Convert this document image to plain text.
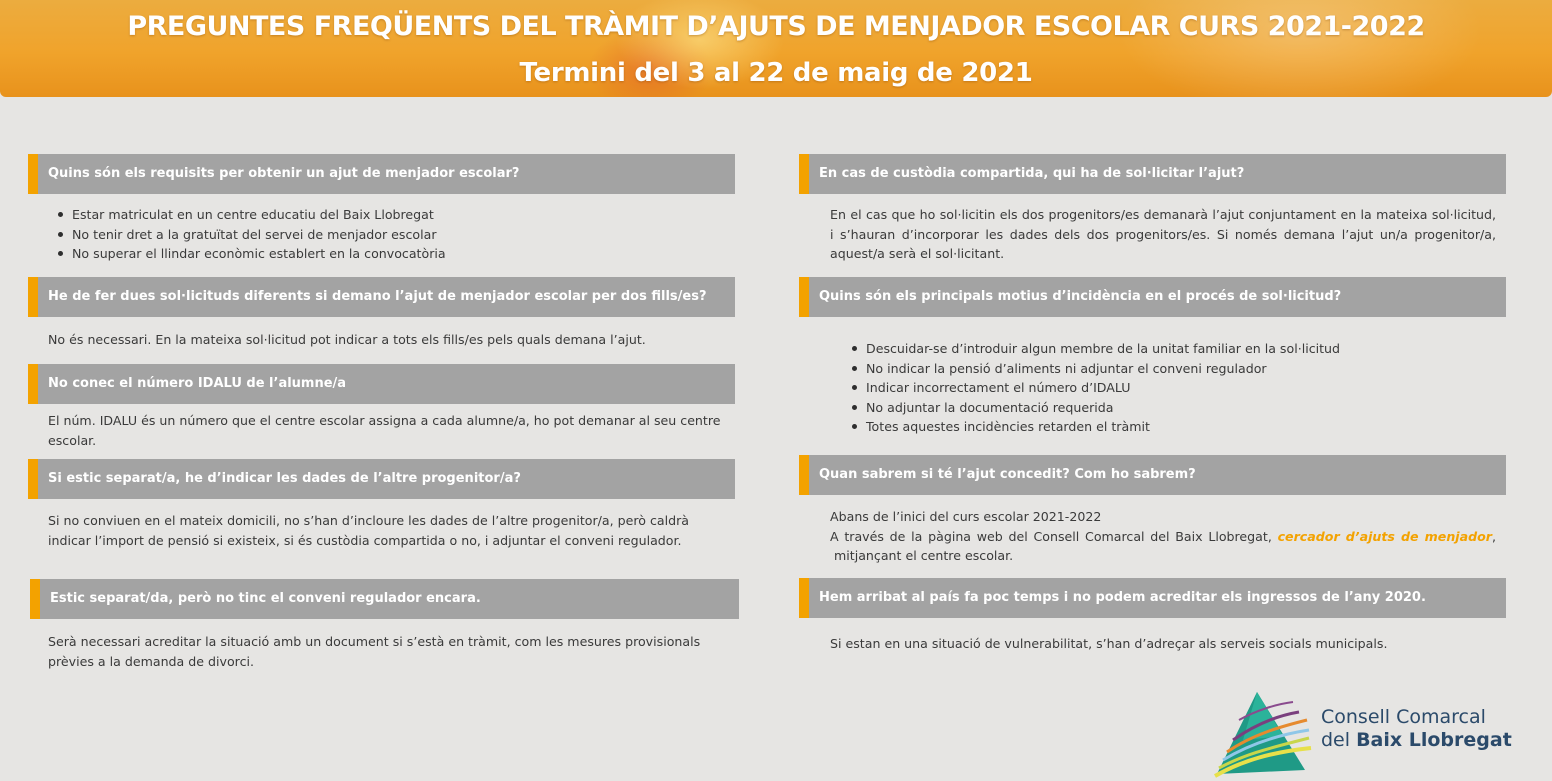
PREGUNTES FREQÜENTS DEL TRÀMIT D’AJUTS DE MENJADOR ESCOLAR CURS 2021-2022
Termini del 3 al 22 de maig de 2021
Quins són els requisits per obtenir un ajut de menjador escolar?
Estar matriculat en un centre educatiu del Baix Llobregat
No tenir dret a la gratuïtat del servei de menjador escolar
No superar el llindar econòmic establert en la convocatòria
He de fer dues sol·licituds diferents si demano l’ajut de menjador escolar per dos fills/es?
No és necessari. En la mateixa sol·licitud pot indicar a tots els fills/es pels quals demana l’ajut.
No conec el número IDALU de l’alumne/a
El núm. IDALU és un número que el centre escolar assigna a cada alumne/a, ho pot demanar al seu centre escolar.
Si estic separat/a, he d’indicar les dades de l’altre progenitor/a?
Si no conviuen en el mateix domicili, no s’han d’incloure les dades de l’altre progenitor/a, però caldrà indicar l’import de pensió si existeix, si és custòdia compartida o no, i adjuntar el conveni regulador.
Estic separat/da, però no tinc el conveni regulador encara.
Serà necessari acreditar la situació amb un document si s’està en tràmit, com les mesures provisionals prèvies a la demanda de divorci.
En cas de custòdia compartida, qui ha de sol·licitar l’ajut?
En el cas que ho sol·licitin els dos progenitors/es demanarà l’ajut conjuntament en la mateixa sol·licitud, i s’hauran d’incorporar les dades dels dos progenitors/es. Si només demana l’ajut un/a progenitor/a, aquest/a serà el sol·licitant.
Quins són els principals motius d’incidència en el procés de sol·licitud?
Descuidar-se d’introduir algun membre de la unitat familiar en la sol·licitud
No indicar la pensió d’aliments ni adjuntar el conveni regulador
Indicar incorrectament el número d’IDALU
No adjuntar la documentació requerida
Totes aquestes incidències retarden el tràmit
Quan sabrem si té l’ajut concedit? Com ho sabrem?
Abans de l’inici del curs escolar 2021-2022
A través de la pàgina web del Consell Comarcal del Baix Llobregat, cercador d’ajuts de menjador,
mitjançant el centre escolar.
Hem arribat al país fa poc temps i no podem acreditar els ingressos de l’any 2020.
Si estan en una situació de vulnerabilitat, s’han d’adreçar als serveis socials municipals.
Consell Comarcal
del Baix Llobregat
